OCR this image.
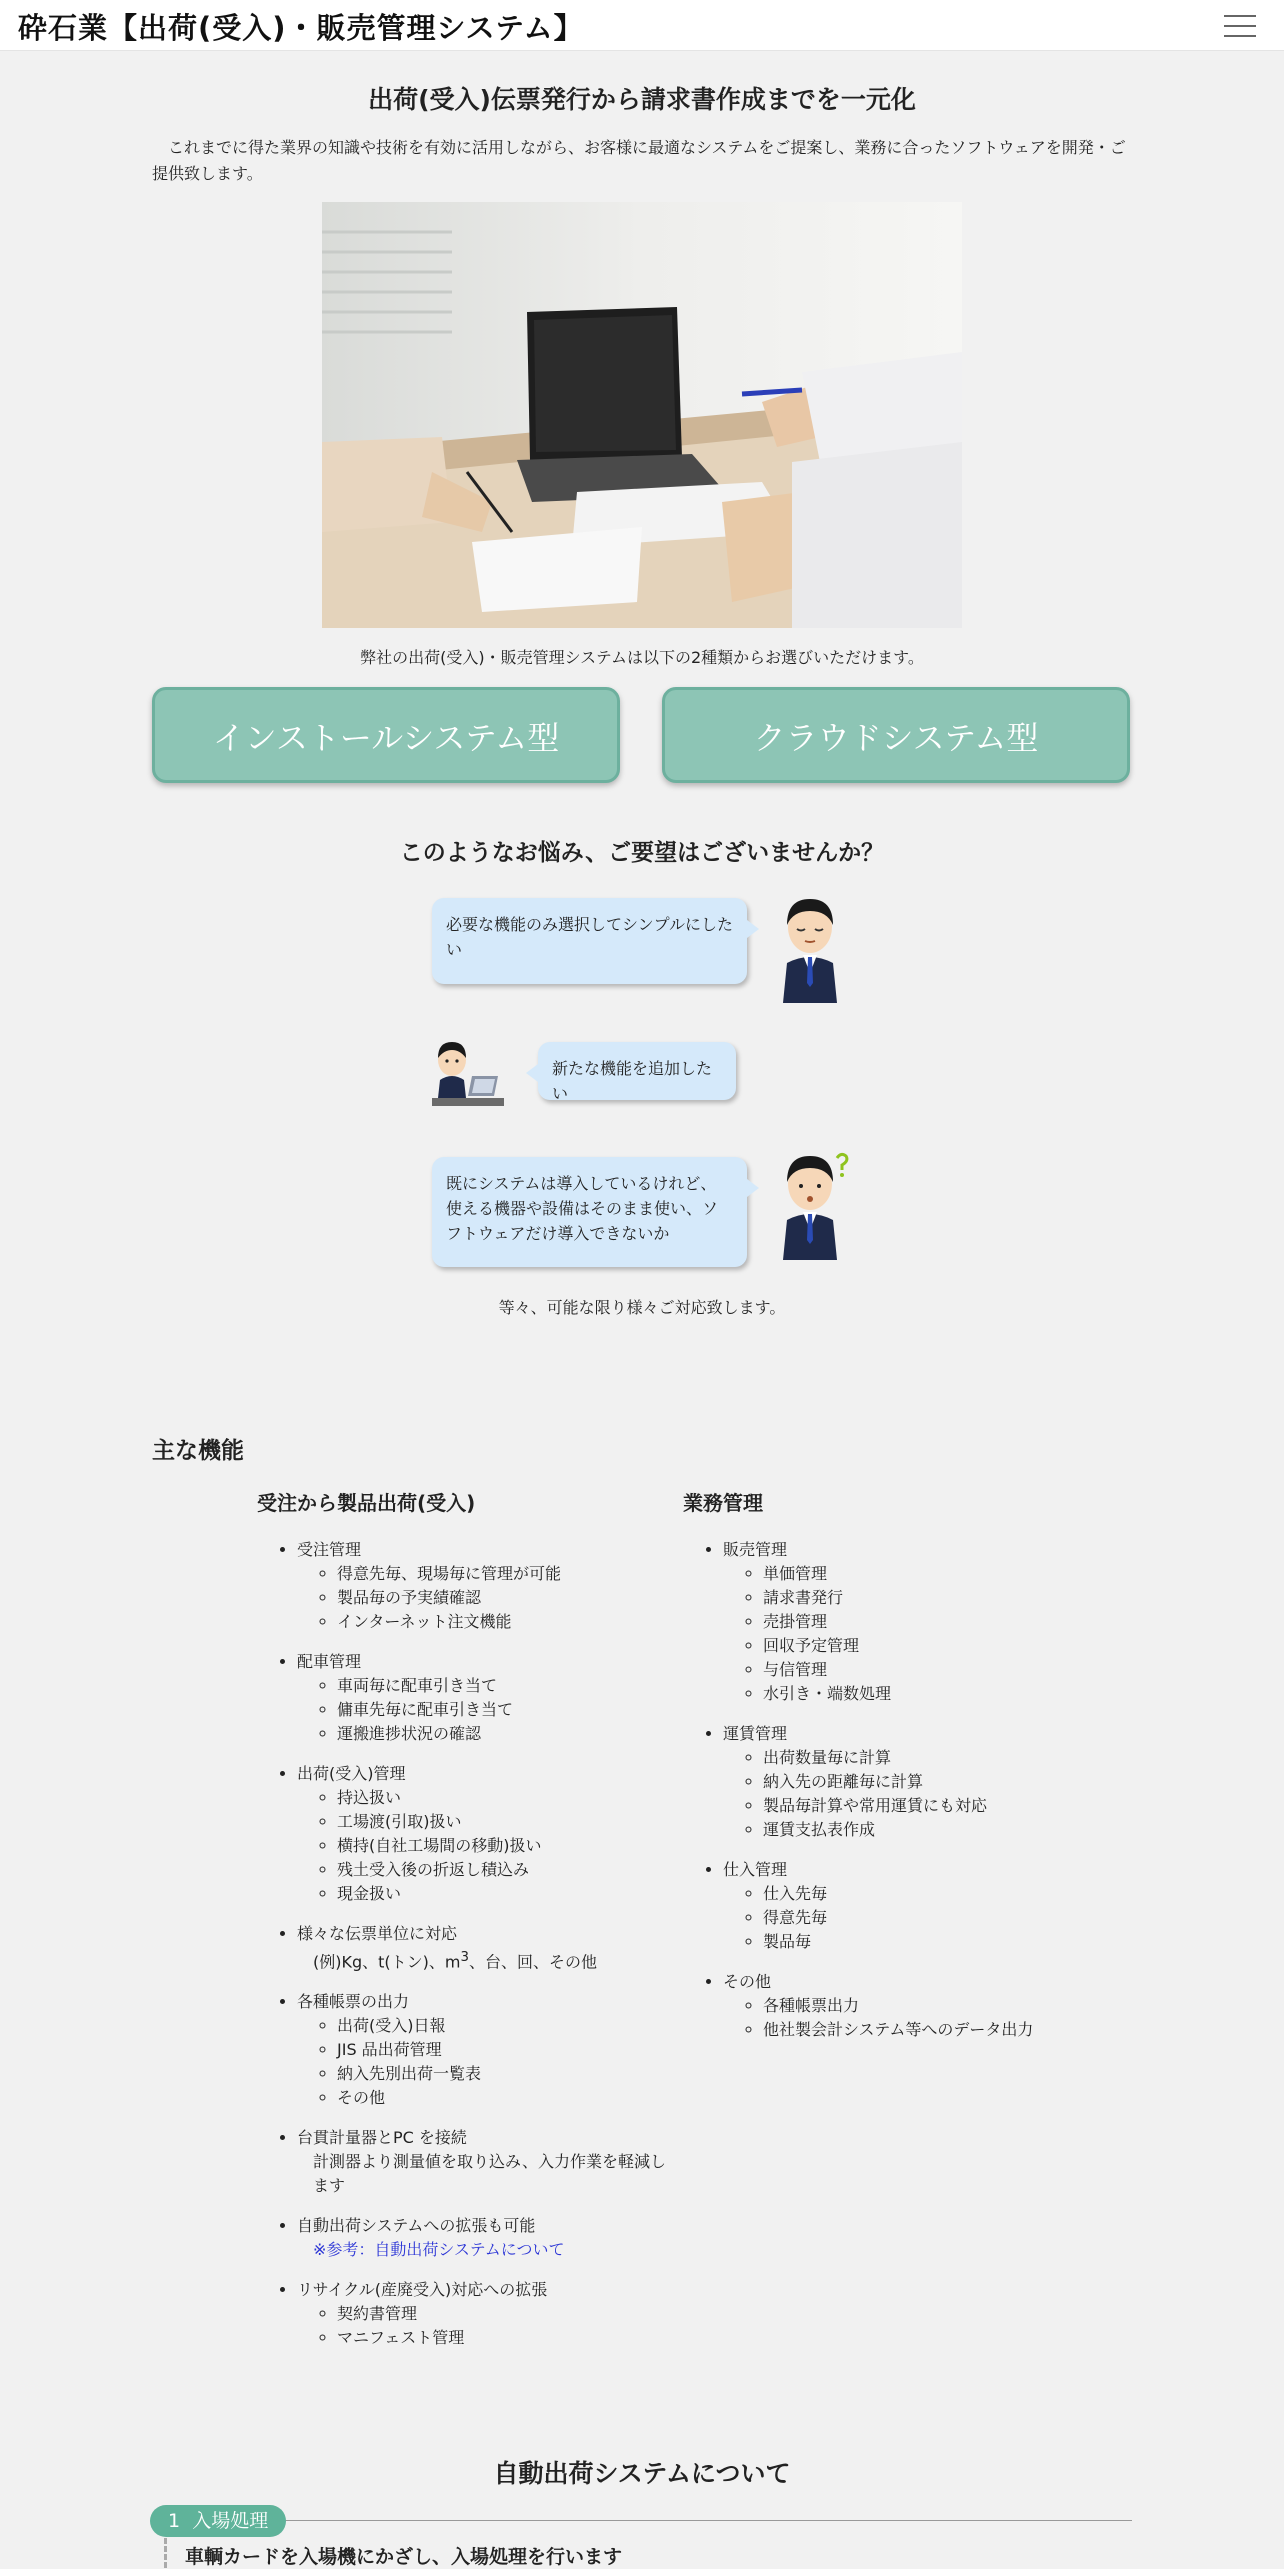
砕石業【出荷(受入)・販売管理システム】
出荷(受入)伝票発行から請求書作成までを一元化
これまでに得た業界の知識や技術を有効に活用しながら、お客様に最適なシステムをご提案し、業務に合ったソフトウェアを開発・ご提供致します。
弊社の出荷(受入)・販売管理システムは以下の2種類からお選びいただけます。
インストールシステム型	クラウドシステム型
このようなお悩み、ご要望はございませんか？
必要な機能のみ選択してシンプルにしたい
新たな機能を追加したい
既にシステムは導入しているけれど、
使える機器や設備はそのまま使い、ソフトウェアだけ導入できないか
等々、可能な限り様々ご対応致します。
主な機能
受注から製品出荷(受入)
• 受注管理
◦ 得意先毎、現場毎に管理が可能
◦ 製品毎の予実績確認
◦ インターネット注文機能
• 配車管理
◦ 車両毎に配車引き当て
◦ 傭車先毎に配車引き当て
◦ 運搬進捗状況の確認
• 出荷(受入)管理
◦ 持込扱い
◦ 工場渡(引取)扱い
◦ 横持(自社工場間の移動)扱い
◦ 残土受入後の折返し積込み
◦ 現金扱い
• 様々な伝票単位に対応
(例)Kg、t(トン)、$m^3$、台、回、その他
• 各種帳票の出力
◦ 出荷(受入)日報
◦ JIS 品出荷管理
◦ 納入先別出荷一覧表
◦ その他
• 台貫計量器とPC を接続
計測器より測量値を取り込み、入力作業を軽減します
• 自動出荷システムへの拡張も可能
※参考：自動出荷システムについて
• リサイクル(産廃受入)対応への拡張
◦ 契約書管理
◦ マニフェスト管理
業務管理
• 販売管理
◦ 単価管理
◦ 請求書発行
◦ 売掛管理
◦ 回収予定管理
◦ 与信管理
◦ 水引き・端数処理
• 運賃管理
◦ 出荷数量毎に計算
◦ 納入先の距離毎に計算
◦ 製品毎計算や常用運賃にも対応
◦ 運賃支払表作成
• 仕入管理
◦ 仕入先毎
◦ 得意先毎
◦ 製品毎
• その他
◦ 各種帳票出力
◦ 他社製会計システム等へのデータ出力
自動出荷システムについて
1 入場処理
車輌カードを入場機にかざし、入場処理を行います
